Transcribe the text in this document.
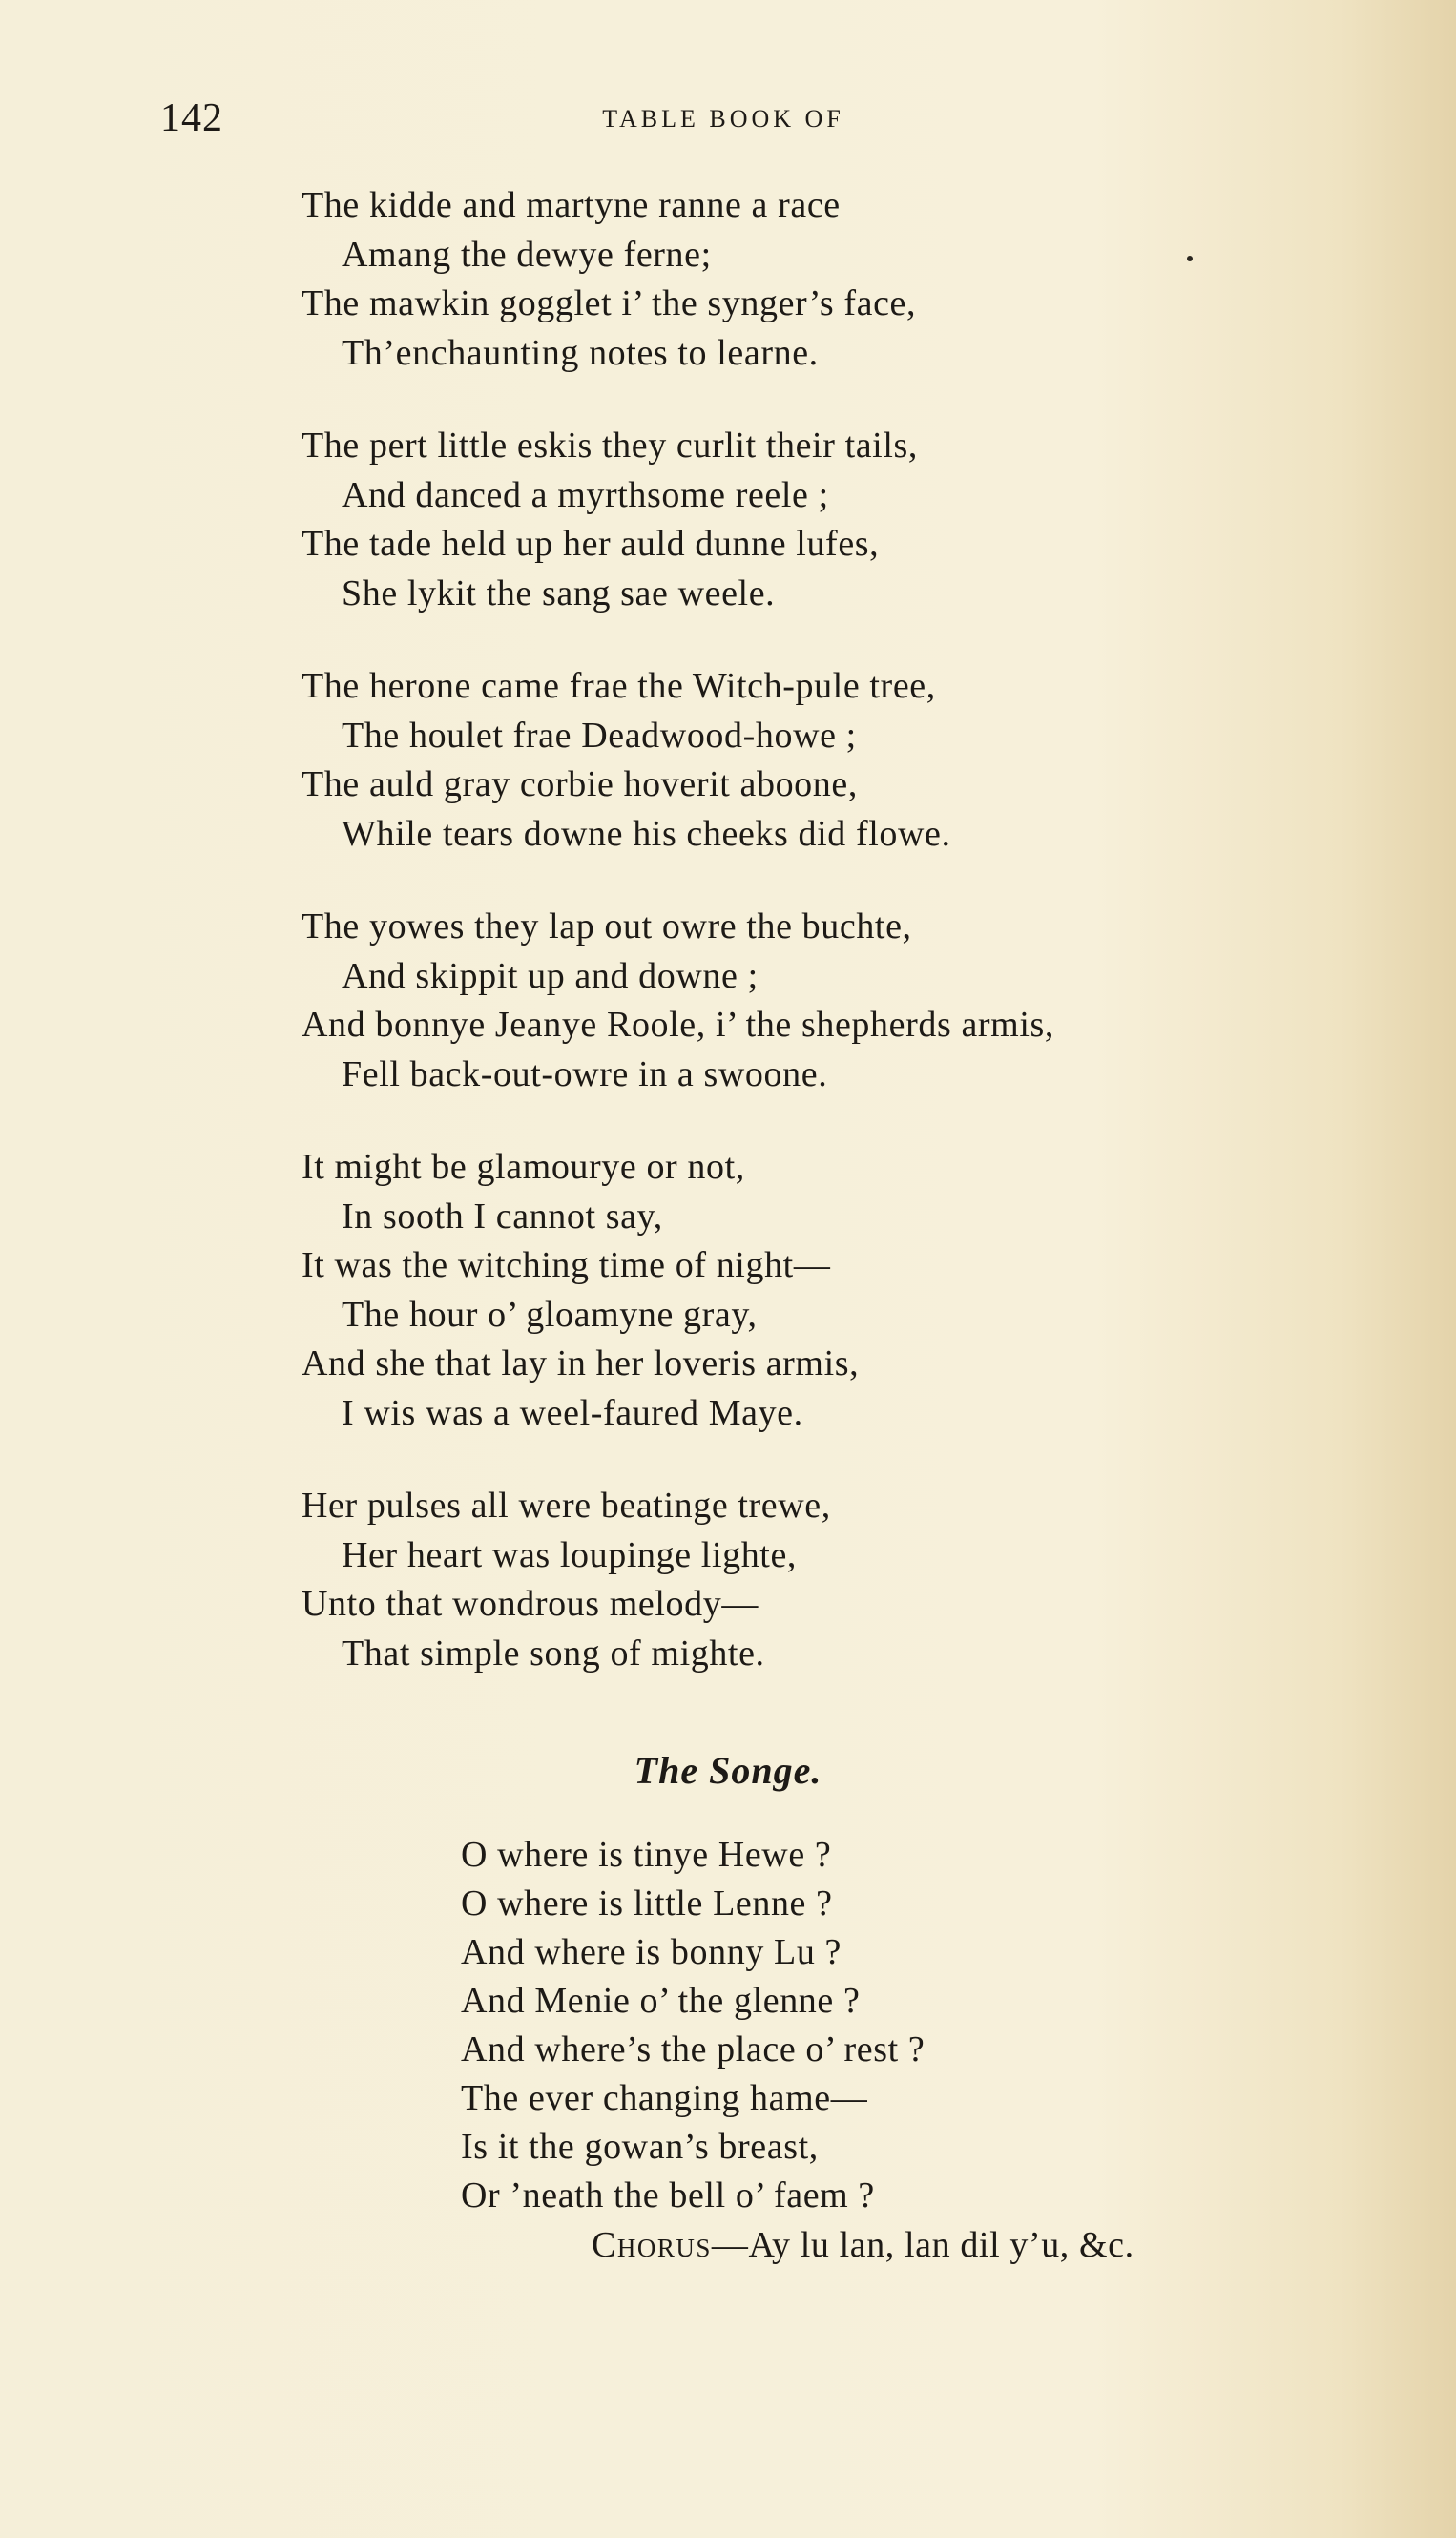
142	TABLE BOOK OF
The kidde and martyne ranne a race
Amang the dewye ferne;
The mawkin gogglet i’ the synger’s face,
Th’enchaunting notes to learne.
The pert little eskis they curlit their tails,
And danced a myrthsome reele ;
The tade held up her auld dunne lufes,
She lykit the sang sae weele.
The herone came frae the Witch-pule tree,
The houlet frae Deadwood-howe ;
The auld gray corbie hoverit aboone,
While tears downe his cheeks did flowe.
The yowes they lap out owre the buchte,
And skippit up and downe ;
And bonnye Jeanye Roole, i’ the shepherds armis,
Fell back-out-owre in a swoone.
It might be glamourye or not,
In sooth I cannot say,
It was the witching time of night—
The hour o’ gloamyne gray,
And she that lay in her loveris armis,
I wis was a weel-faured Maye.
Her pulses all were beatinge trewe,
Her heart was loupinge lighte,
Unto that wondrous melody—
That simple song of mighte.
The Songe.
O where is tinye Hewe ?
O where is little Lenne ?
And where is bonny Lu ?
And Menie o’ the glenne ?
And where’s the place o’ rest ?
The ever changing hame—
Is it the gowan’s breast,
Or ’neath the bell o’ faem ?
Chorus—Ay lu lan, lan dil y’u, &c.
